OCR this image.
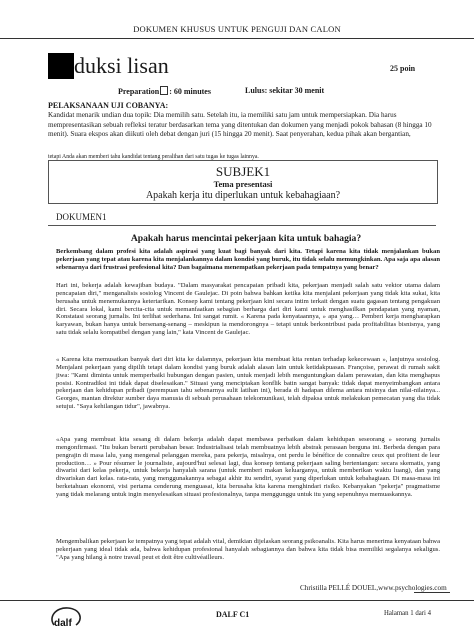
DOKUMEN KHUSUS UNTUK PENGUJI DAN CALON
duksi lisan	25 poin
Preparation : 60 minutes	Lulus: sekitar 30 menit
PELAKSANAAN UJI COBANYA:
Kandidat menarik undian dua topik: Dia memilih satu. Setelah itu, ia memiliki satu jam untuk mempersiapkan. Dia harus mempresentasikan sebuah refleksi teratur berdasarkan tema yang ditentukan dan dokumen yang menjadi pokok bahasan (8 hingga 10 menit). Suara ekspos akan diikuti oleh debat dengan juri (15 hingga 20 menit). Saat penyerahan, kedua pihak akan bergantian,
tetapi Anda akan memberi tahu kandidat tentang peralihan dari satu tugas ke tugas lainnya.
SUBJEK1
Tema presentasi
Apakah kerja itu diperlukan untuk kebahagiaan?
DOKUMEN1
Apakah harus mencintai pekerjaan kita untuk bahagia?
Berkembang dalam profesi kita adalah aspirasi yang kuat bagi banyak dari kita. Tetapi karena kita tidak menjalankan bukan pekerjaan yang tepat atau karena kita menjalankannya dalam kondisi yang buruk, itu tidak selalu memungkinkan. Apa saja apa alasan sebenarnya dari frustrasi profesional kita? Dan bagaimana menempatkan pekerjaan pada tempatnya yang benar?
Hari ini, bekerja adalah kewajiban budaya. "Dalam masyarakat pencapaian pribadi kita, pekerjaan menjadi salah satu vektor utama dalam pencapaian diri," menganalisis sosiolog Vincent de Gaulejac. Di poin bahwa bahkan ketika kita menjalani pekerjaan yang tidak kita sukai, kita berusaha untuk menemukannya ketertarikan. Konsep kami tentang pekerjaan kini secara intim terkait dengan suatu gagasan tentang pengakuan diri. Secara lokal, kami bercita-cita untuk memanfaatkan sebagian berharga dari diri kami untuk menghasilkan pendapatan yang nyaman, Konstatasi seorang jurnalis. Ini terlihat sederhana. Ini sangat rumit. « Karena pada kenyataannya, » apa yang… Pemberi kerja mengharapkan karyawan, bukan hanya untuk bersenang-senang – meskipun ia mendorongnya – tetapi untuk berkontribusi pada profitabilitas bisnisnya, yang satu tidak selalu kompatibel dengan yang lain," kata Vincent de Gaulejac.
« Karena kita memusatkan banyak dari diri kita ke dalamnya, pekerjaan kita membuat kita rentan terhadap kekecewaan », lanjutnya sosiolog. Menjalani pekerjaan yang dipilih tetapi dalam kondisi yang buruk adalah alasan lain untuk ketidakpuasan. Françoise, perawat di rumah sakit jiwa: "Kami diminta untuk memperbaiki hubungan dengan pasien, untuk menjadi lebih menguntungkan dalam perawatan, dan kita menghapus posisi. Kontradiksi ini tidak dapat diselesaikan." Situasi yang menciptakan konflik batin sangat banyak: tidak dapat menyeimbangkan antara pekerjaan dan kehidupan pribadi (perempuan tahu sebenarnya sulit latihan ini), berada di hadapan dilema antara misinya dan nilai-nilainya... Georges, mantan direktur sumber daya manusia di sebuah perusahaan telekomunikasi, telah dipaksa untuk melakukan pemecatan yang dia tidak setujui. "Saya kehilangan tidur", jawabnya.
«Apa yang membuat kita sesang di dalam bekerja adalah dapat membawa perbaikan dalam kehidupan seseorang » seorang jurnalis mengonfirmasi. "Itu bukan berarti perubahan besar. Industrialisasi telah membuatnya lebih abstrak perasaan berguna ini. Berbeda dengan para pengrajin di masa lalu, yang mengenal pelanggan mereka, para pekerja, misalnya, ont perdu le bénéfice de connaître ceux qui profitent de leur production… » Pour résumer le journaliste, aujourd'hui selesai lagi, dua konsep tentang pekerjaan saling bertentangan: secara skematis, yang diwarisi dari kelas pekerja, untuk bekerja hanyalah sarana (untuk memberi makan keluarganya, untuk memberikan waktu luang), dan yang diwariskan dari kelas. rata-rata, yang menggunakannya sebagai akhir itu sendiri, syarat yang diperlukan untuk kebahagiaan. Di masa-masa ini berketahuan ekonomi, visi pertama cenderung menguasai, kita berusaha kita karena menghindari risiko. Kebanyakan "pekerja" pragmatisme yang tidak melarang untuk ingin menyelesaikan situasi profesionalnya, tanpa menggunggu untuk itu yang sepenuhnya memuaskannya.
Mengembalikan pekerjaan ke tempatnya yang tepat adalah vital, demikian dijelaskan seorang psikoanalis. Kita harus menerima kenyataan bahwa pekerjaan yang ideal tidak ada, bahwa kehidupan profesional hanyalah sebagiannya dan bahwa kita tidak bisa memiliki segalanya sekaligus. "Apa yang hilang à notre travail peut et doit être cultivéailleurs.
Christilla PELLÉ DOUEL,www.psychologies.com
dalf
DALF C1	Halaman 1 dari 4
